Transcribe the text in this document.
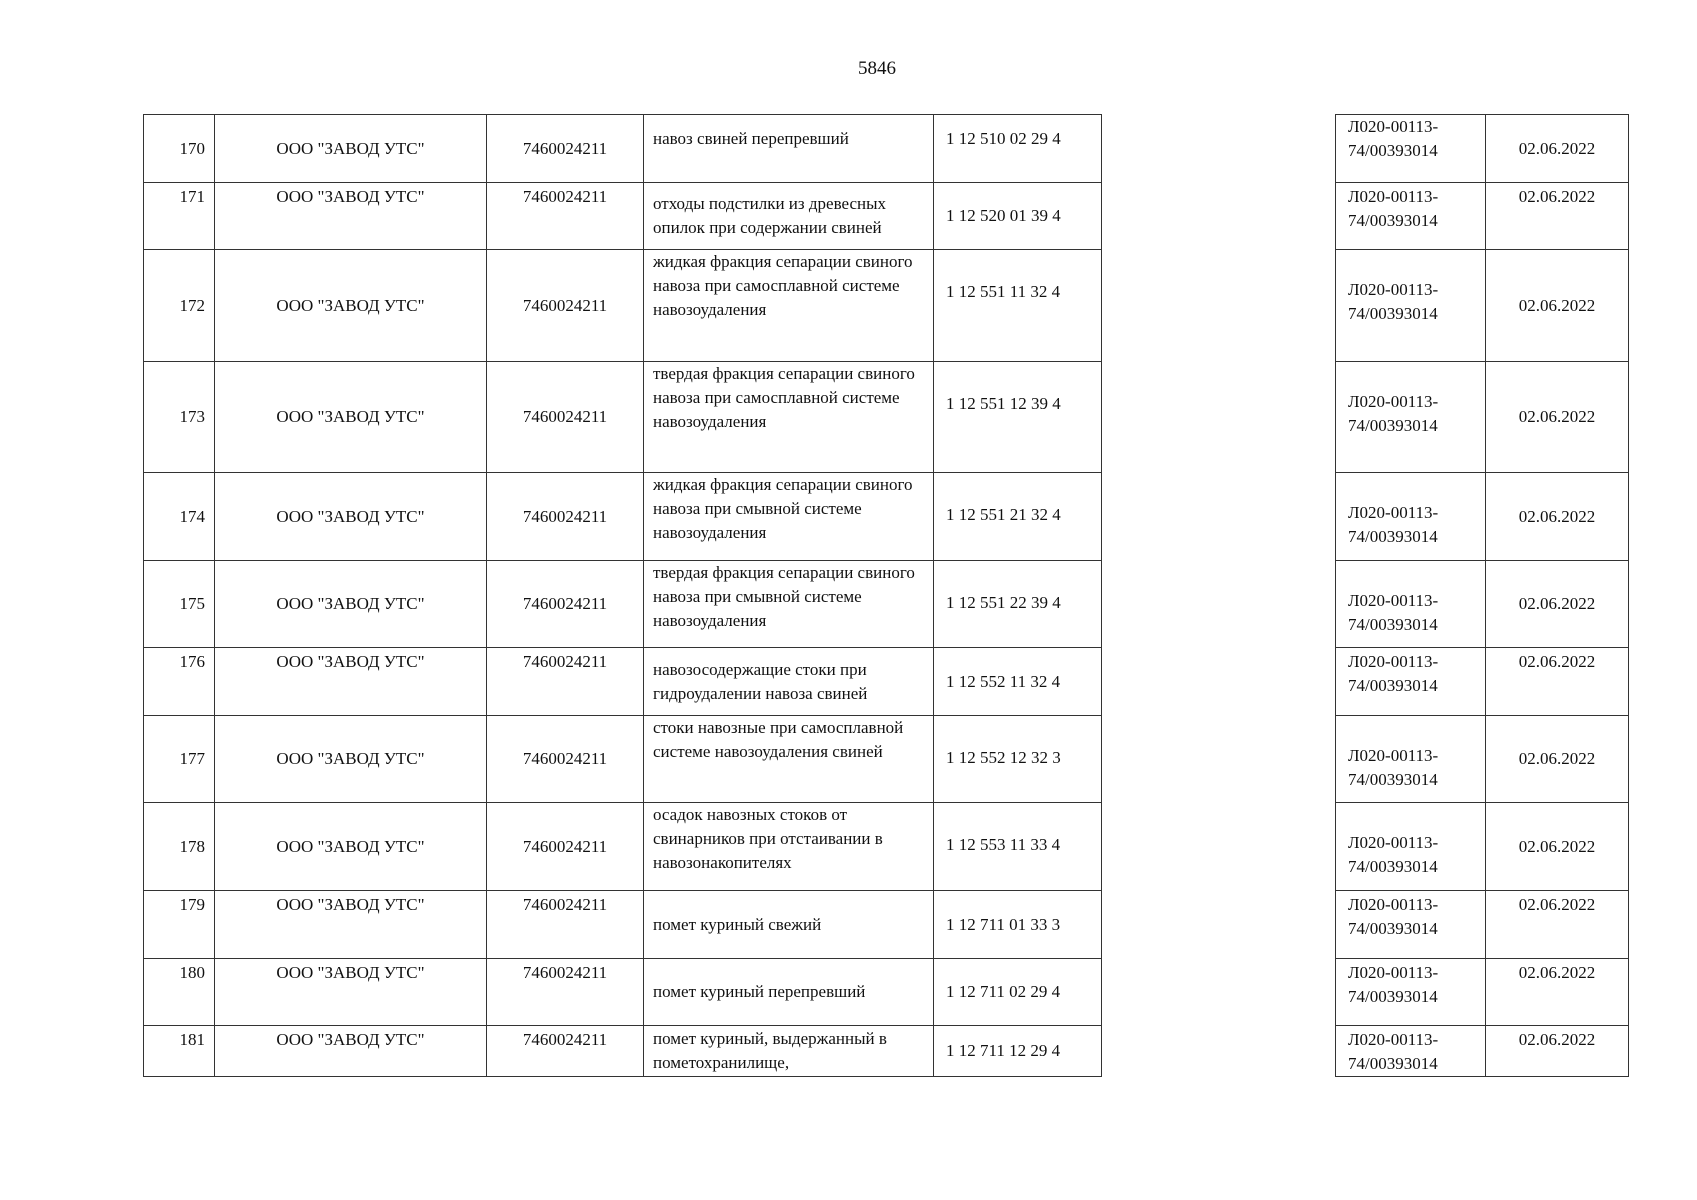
5846
170	ООО "ЗАВОД УТС"	7460024211	навоз свиней перепревший	1 12 510 02 29 4		Л020-00113-74/00393014	02.06.2022
171	ООО "ЗАВОД УТС"	7460024211	отходы подстилки из древесных опилок при содержании свиней	1 12 520 01 39 4		Л020-00113-74/00393014	02.06.2022
172	ООО "ЗАВОД УТС"	7460024211	жидкая фракция сепарации свиного навоза при самосплавной системе навозоудаления	1 12 551 11 32 4		Л020-00113-74/00393014	02.06.2022
173	ООО "ЗАВОД УТС"	7460024211	твердая фракция сепарации свиного навоза при самосплавной системе навозоудаления	1 12 551 12 39 4		Л020-00113-74/00393014	02.06.2022
174	ООО "ЗАВОД УТС"	7460024211	жидкая фракция сепарации свиного навоза при смывной системе навозоудаления	1 12 551 21 32 4		Л020-00113-74/00393014	02.06.2022
175	ООО "ЗАВОД УТС"	7460024211	твердая фракция сепарации свиного навоза при смывной системе навозоудаления	1 12 551 22 39 4		Л020-00113-74/00393014	02.06.2022
176	ООО "ЗАВОД УТС"	7460024211	навозосодержащие стоки при гидроудалении навоза свиней	1 12 552 11 32 4		Л020-00113-74/00393014	02.06.2022
177	ООО "ЗАВОД УТС"	7460024211	стоки навозные при самосплавной системе навозоудаления свиней	1 12 552 12 32 3		Л020-00113-74/00393014	02.06.2022
178	ООО "ЗАВОД УТС"	7460024211	осадок навозных стоков от свинарников при отстаивании в навозонакопителях	1 12 553 11 33 4		Л020-00113-74/00393014	02.06.2022
179	ООО "ЗАВОД УТС"	7460024211	помет куриный свежий	1 12 711 01 33 3		Л020-00113-74/00393014	02.06.2022
180	ООО "ЗАВОД УТС"	7460024211	помет куриный перепревший	1 12 711 02 29 4		Л020-00113-74/00393014	02.06.2022
181	ООО "ЗАВОД УТС"	7460024211	помет куриный, выдержанный в пометохранилище,	1 12 711 12 29 4		Л020-00113-74/00393014	02.06.2022
